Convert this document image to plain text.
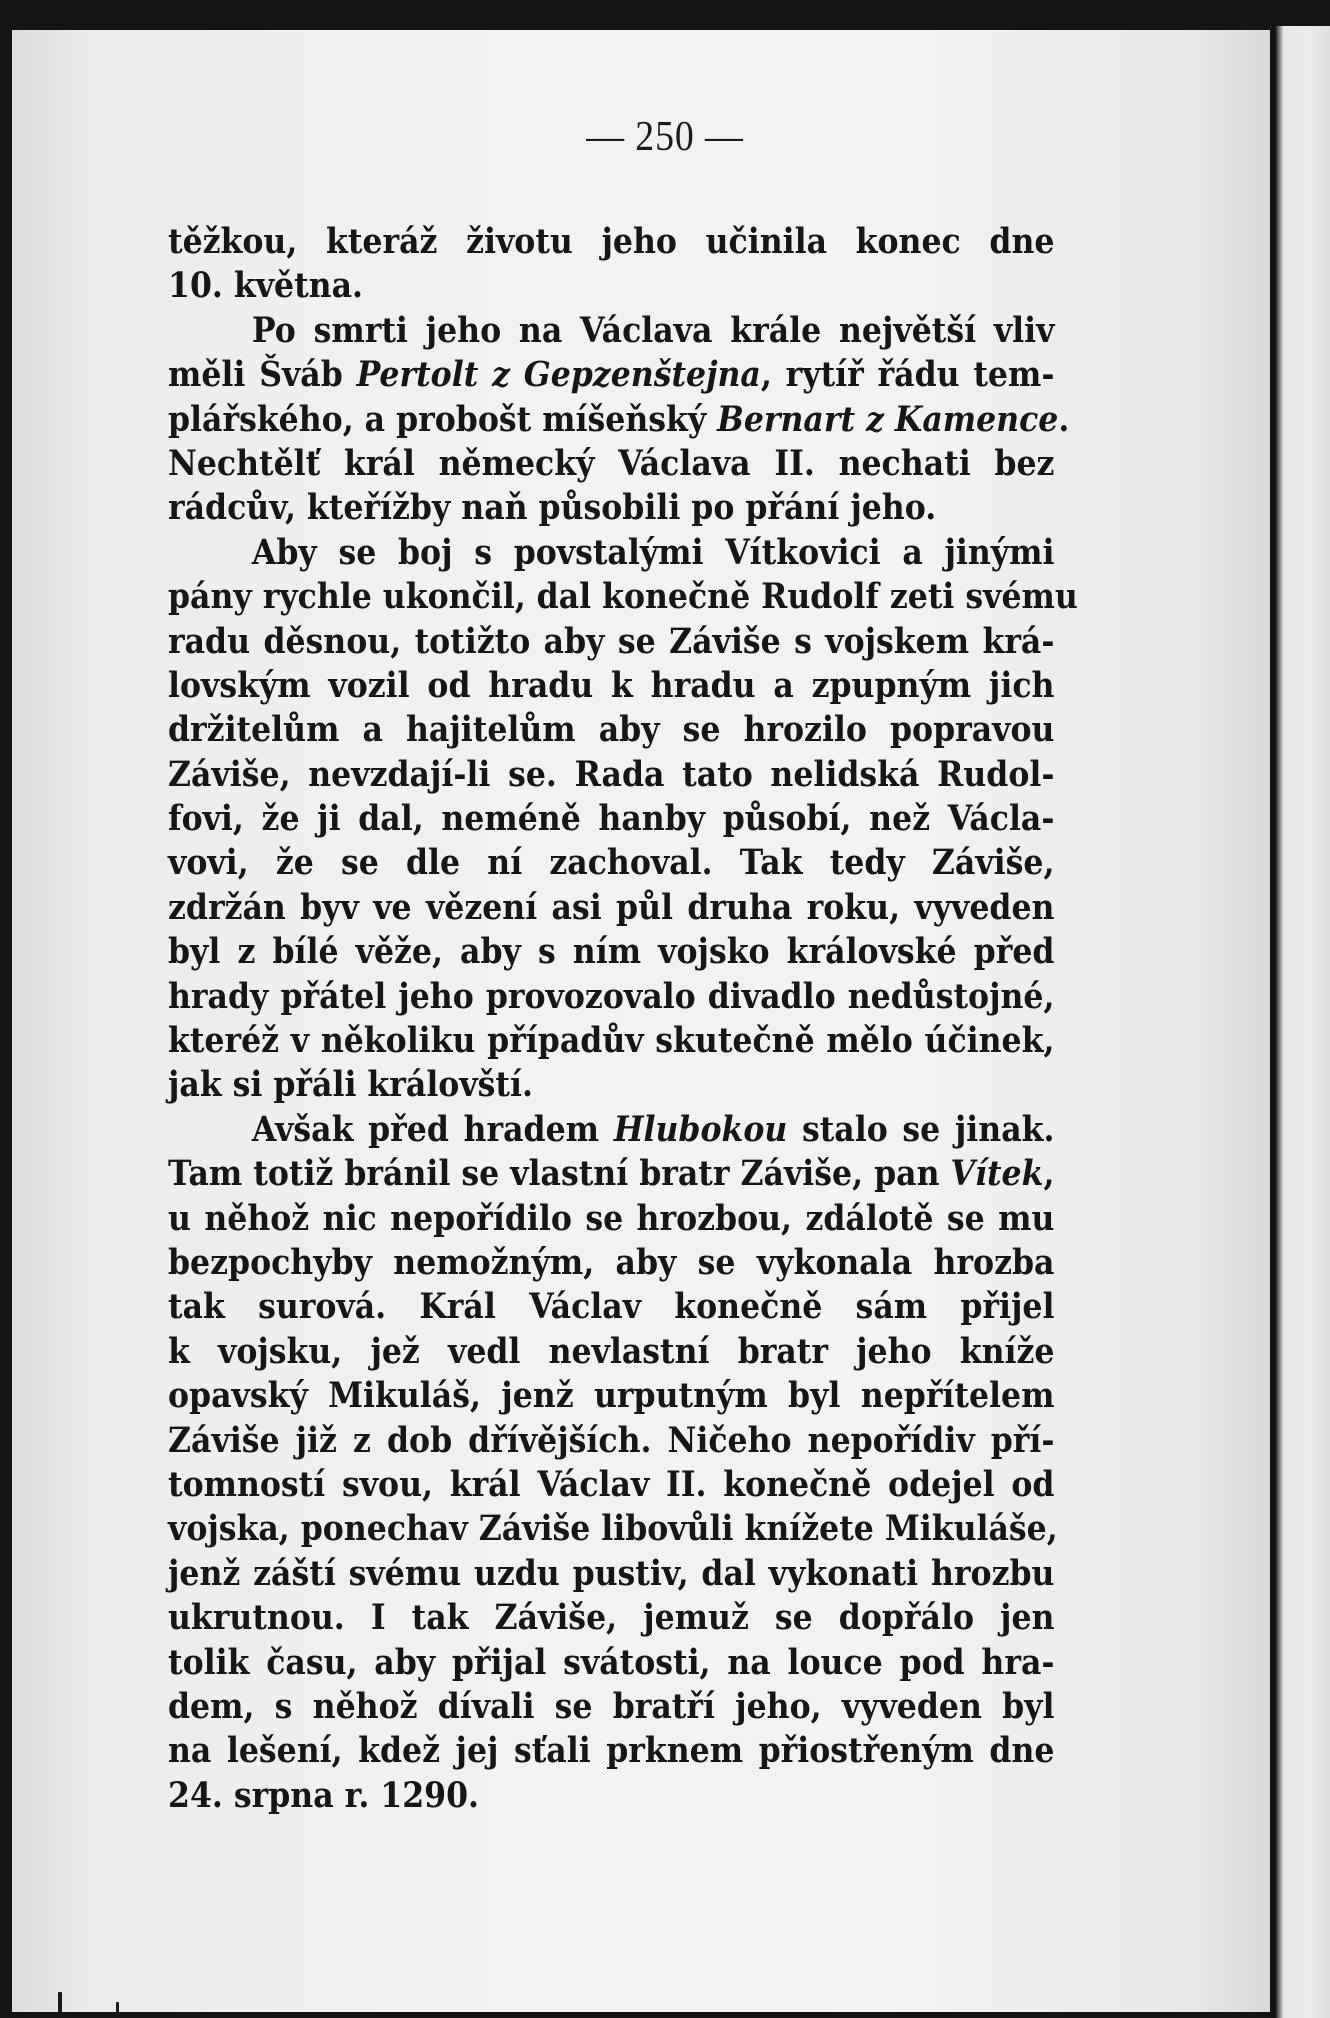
— 250 —
těžkou, kteráž životu jeho učinila konec dne
10. května.
Po smrti jeho na Václava krále největší vliv
měli Šváb Pertolt z Gepzenštejna, rytíř řádu tem-
plářského, a probošt míšeňský Bernart z Kamence.
Nechtělť král německý Václava II. nechati bez
rádcův, kteřížby naň působili po přání jeho.
Aby se boj s povstalými Vítkovici a jinými
pány rychle ukončil, dal konečně Rudolf zeti svému
radu děsnou, totižto aby se Záviše s vojskem krá-
lovským vozil od hradu k hradu a zpupným jich
držitelům a hajitelům aby se hrozilo popravou
Záviše, nevzdají-li se. Rada tato nelidská Rudol-
fovi, že ji dal, neméně hanby působí, než Václa-
vovi, že se dle ní zachoval. Tak tedy Záviše,
zdržán byv ve vězení asi půl druha roku, vyveden
byl z bílé věže, aby s ním vojsko královské před
hrady přátel jeho provozovalo divadlo nedůstojné,
kteréž v několiku případův skutečně mělo účinek,
jak si přáli královští.
Avšak před hradem Hlubokou stalo se jinak.
Tam totiž bránil se vlastní bratr Záviše, pan Vítek,
u něhož nic nepořídilo se hrozbou, zdálotě se mu
bezpochyby nemožným, aby se vykonala hrozba
tak surová. Král Václav konečně sám přijel
k vojsku, jež vedl nevlastní bratr jeho kníže
opavský Mikuláš, jenž urputným byl nepřítelem
Záviše již z dob dřívějších. Ničeho nepořídiv pří-
tomností svou, král Václav II. konečně odejel od
vojska, ponechav Záviše libovůli knížete Mikuláše,
jenž záští svému uzdu pustiv, dal vykonati hrozbu
ukrutnou. I tak Záviše, jemuž se dopřálo jen
tolik času, aby přijal svátosti, na louce pod hra-
dem, s něhož dívali se bratří jeho, vyveden byl
na lešení, kdež jej sťali prknem přiostřeným dne
24. srpna r. 1290.
